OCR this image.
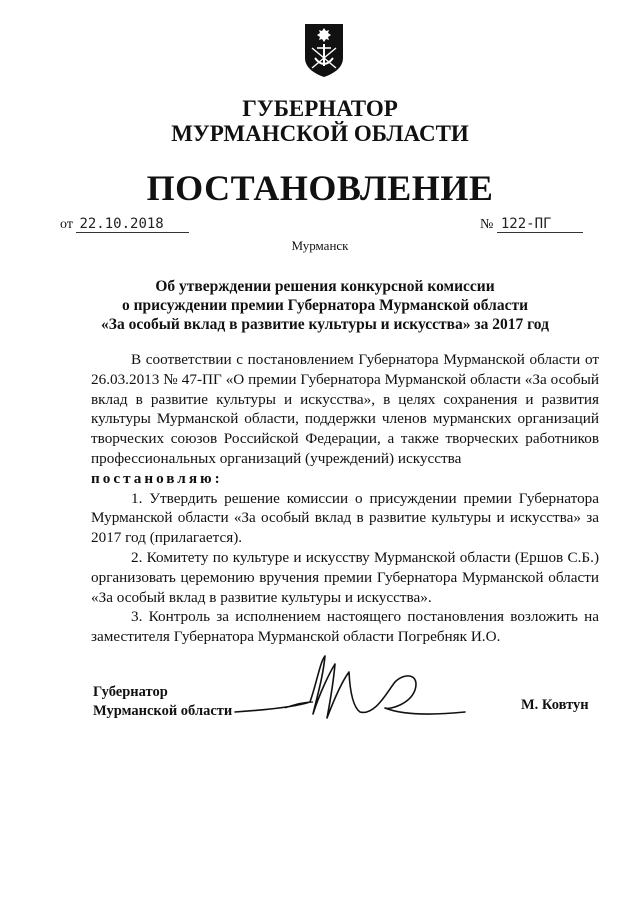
ГУБЕРНАТОР
МУРМАНСКОЙ ОБЛАСТИ
ПОСТАНОВЛЕНИЕ
от 22.10.2018	№ 122-ПГ
Мурманск
Об утверждении решения конкурсной комиссии
о присуждении премии Губернатора Мурманской области
«За особый вклад в развитие культуры и искусства» за 2017 год

В соответствии с постановлением Губернатора Мурманской области от 26.03.2013 № 47-ПГ «О премии Губернатора Мурманской области «За особый вклад в развитие культуры и искусства», в целях сохранения и развития культуры Мурманской области, поддержки членов мурманских организаций творческих союзов Российской Федерации, а также творческих работников профессиональных организаций (учреждений) искусства

постановляю:

1. Утвердить решение комиссии о присуждении премии Губернатора Мурманской области «За особый вклад в развитие культуры и искусства» за 2017 год (прилагается).

2. Комитету по культуре и искусству Мурманской области (Ершов С.Б.) организовать церемонию вручения премии Губернатора Мурманской области «За особый вклад в развитие культуры и искусства».

3. Контроль за исполнением настоящего постановления возложить на заместителя Губернатора Мурманской области Погребняк И.О.

Губернатор
Мурманской области	М. Ковтун
